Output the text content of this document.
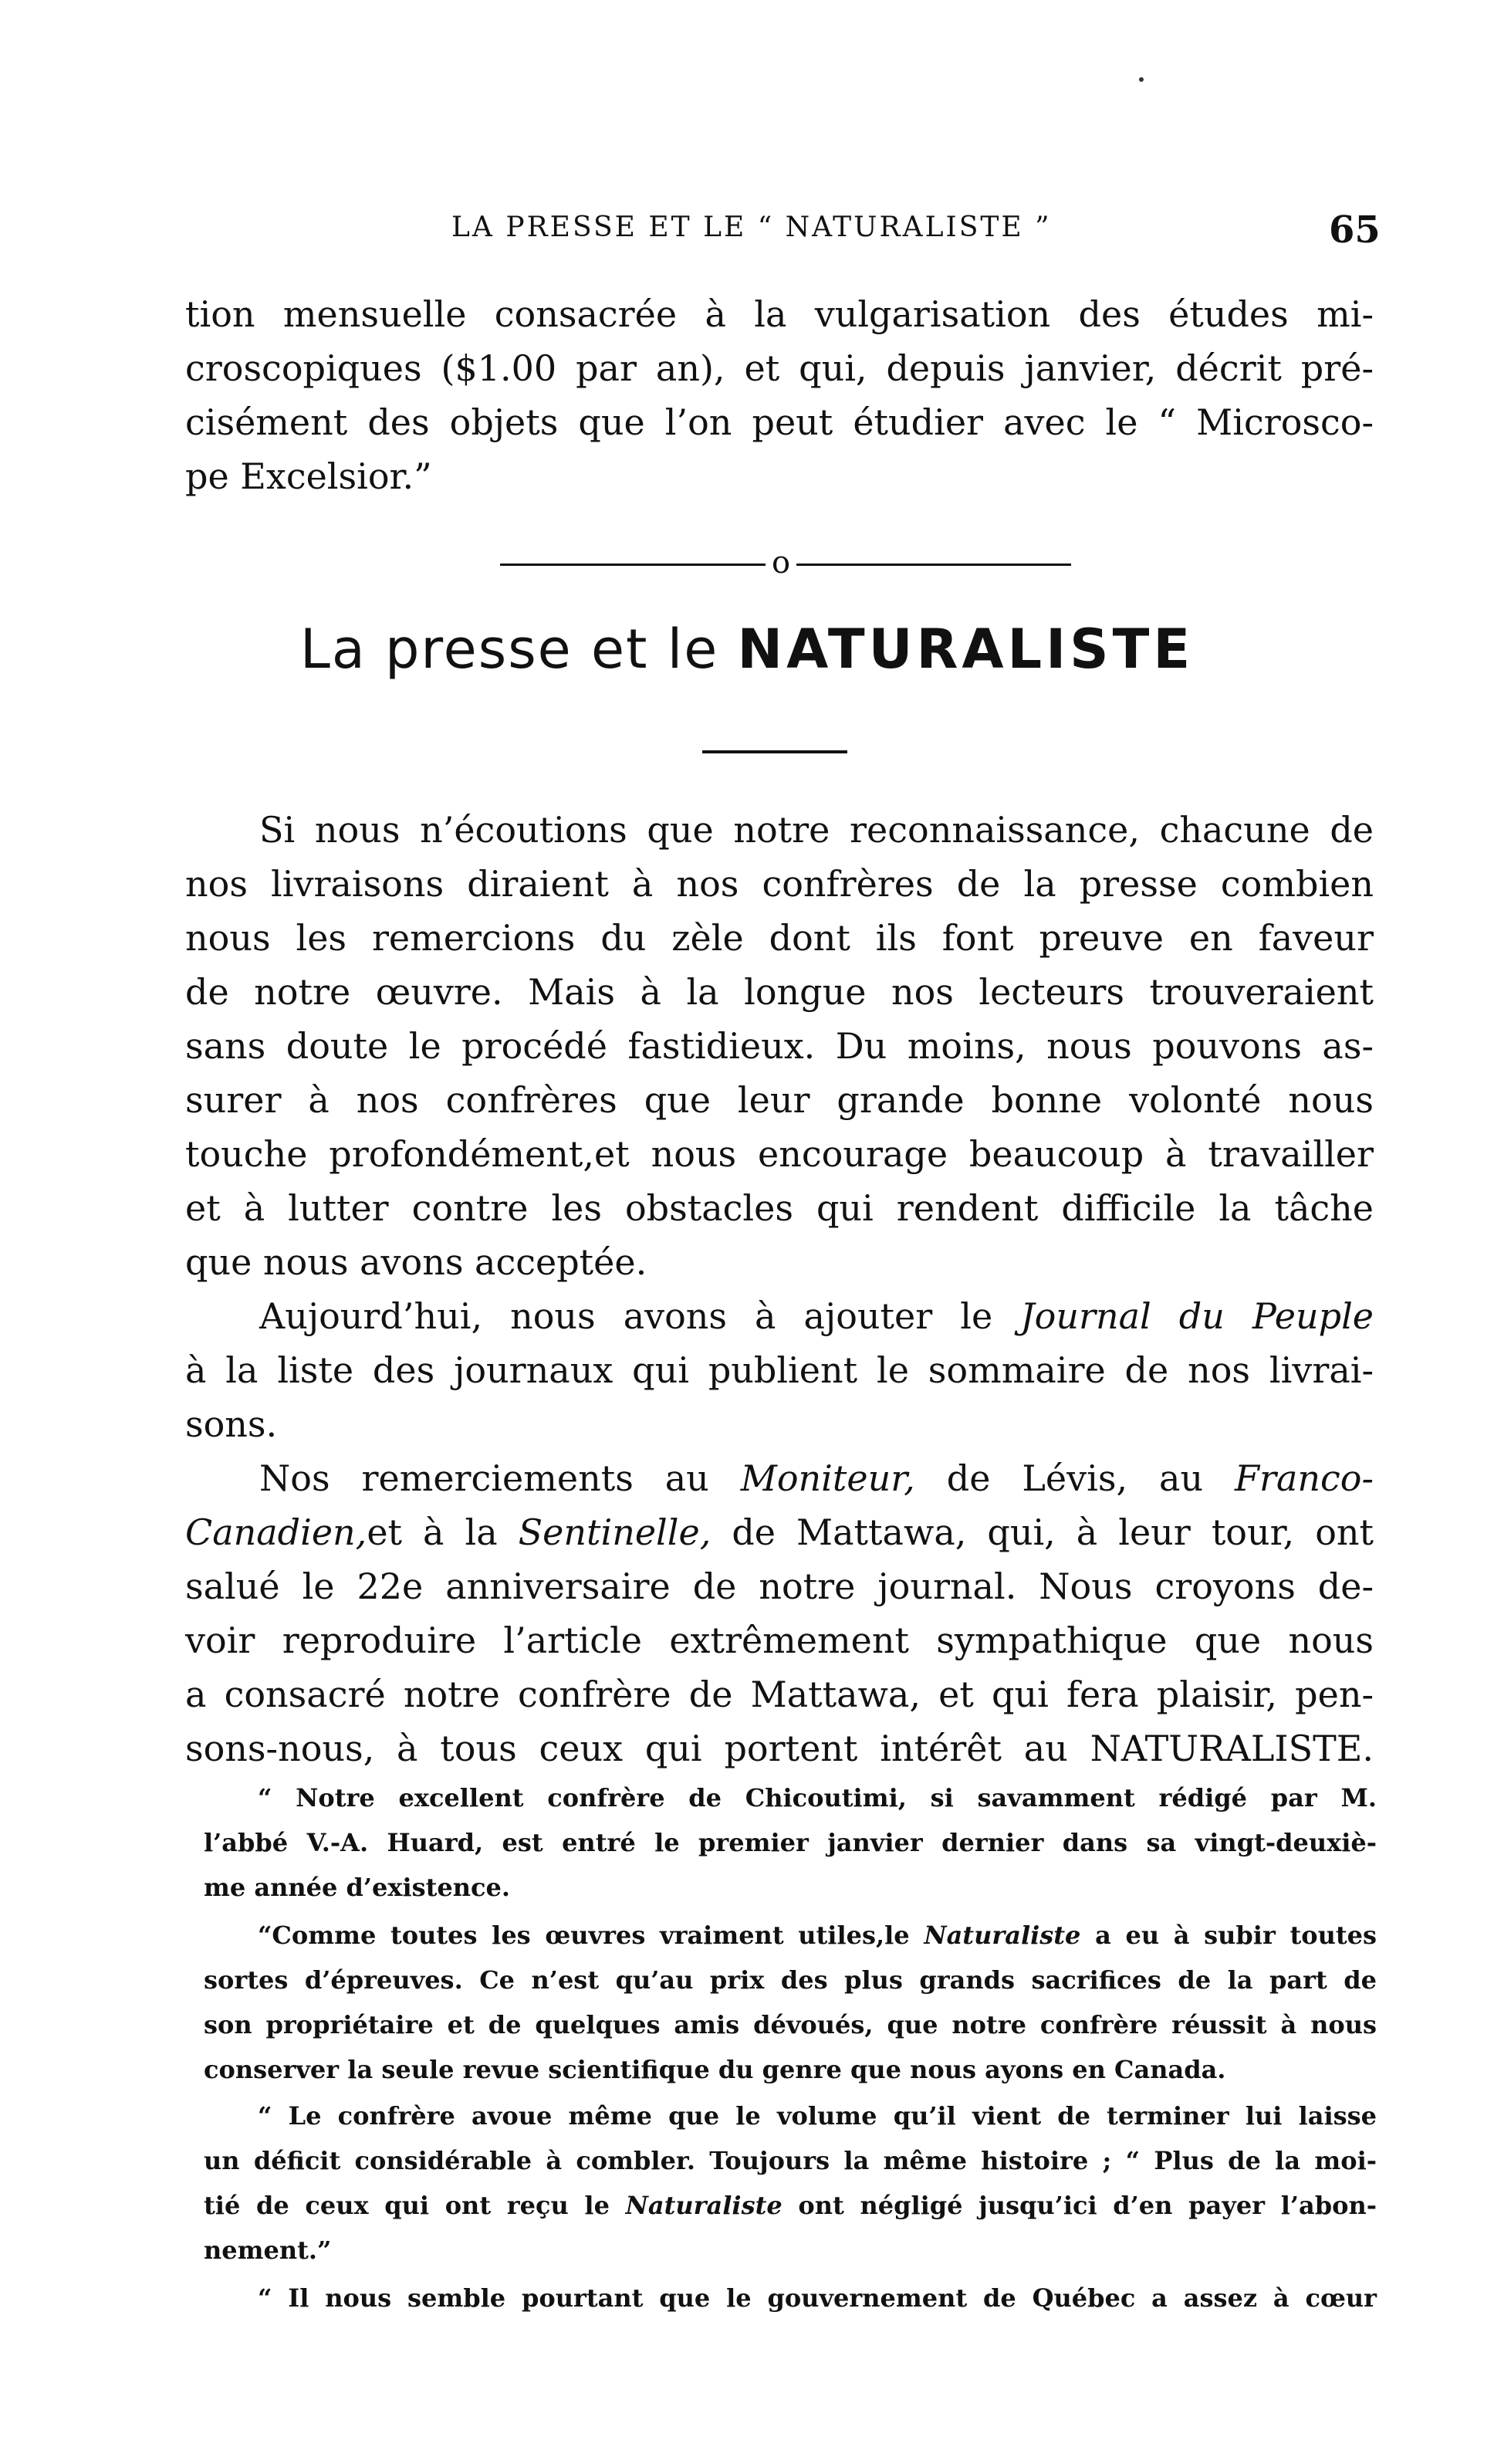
LA PRESSE ET LE “ NATURALISTE ”	65
tion mensuelle consacrée à la vulgarisation des études mi-
croscopiques ($1.00 par an), et qui, depuis janvier, décrit pré-
cisément des objets que l’on peut étudier avec le “ Microsco-
pe Excelsior.”
o
La presse et le NATURALISTE
Si nous n’écoutions que notre reconnaissance, chacune de
nos livraisons diraient à nos confrères de la presse combien
nous les remercions du zèle dont ils font preuve en faveur
de notre œuvre. Mais à la longue nos lecteurs trouveraient
sans doute le procédé fastidieux. Du moins, nous pouvons as-
surer à nos confrères que leur grande bonne volonté nous
touche profondément,et nous encourage beaucoup à travailler
et à lutter contre les obstacles qui rendent difficile la tâche
que nous avons acceptée.
Aujourd’hui, nous avons à ajouter le Journal du Peuple
à la liste des journaux qui publient le sommaire de nos livrai-
sons.
Nos remerciements au Moniteur, de Lévis, au Franco-
Canadien,et à la Sentinelle, de Mattawa, qui, à leur tour, ont
salué le 22e anniversaire de notre journal. Nous croyons de-
voir reproduire l’article extrêmement sympathique que nous
a consacré notre confrère de Mattawa, et qui fera plaisir, pen-
sons-nous, à tous ceux qui portent intérêt au NATURALISTE.
“ Notre excellent confrère de Chicoutimi, si savamment rédigé par M.
l’abbé V.-A. Huard, est entré le premier janvier dernier dans sa vingt-deuxiè-
me année d’existence.
“Comme toutes les œuvres vraiment utiles,le Naturaliste a eu à subir toutes
sortes d’épreuves. Ce n’est qu’au prix des plus grands sacrifices de la part de
son propriétaire et de quelques amis dévoués, que notre confrère réussit à nous
conserver la seule revue scientifique du genre que nous ayons en Canada.
“ Le confrère avoue même que le volume qu’il vient de terminer lui laisse
un déficit considérable à combler. Toujours la même histoire ; “ Plus de la moi-
tié de ceux qui ont reçu le Naturaliste ont négligé jusqu’ici d’en payer l’abon-
nement.”
“ Il nous semble pourtant que le gouvernement de Québec a assez à cœur
